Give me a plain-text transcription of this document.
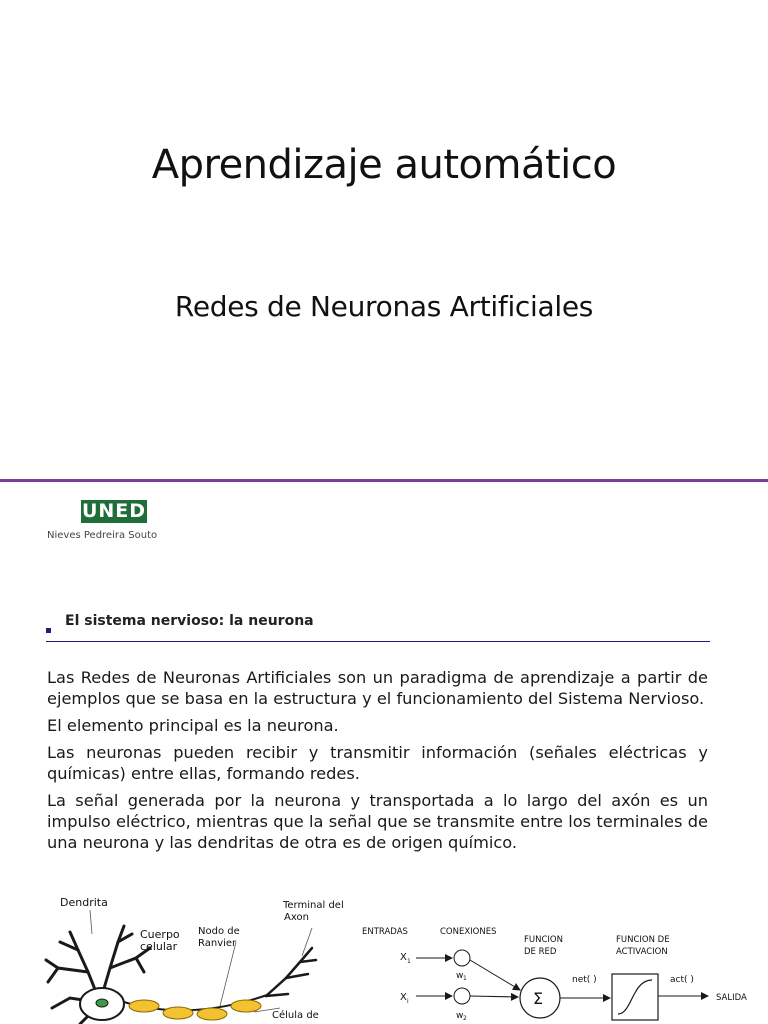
Aprendizaje automático
Redes de Neuronas Artificiales
UNED
Nieves Pedreira Souto
El sistema nervioso: la neurona

Las Redes de Neuronas Artificiales son un paradigma de aprendizaje a partir de ejemplos que se basa en la estructura y el funcionamiento del Sistema Nervioso.

El elemento principal es la neurona.

Las neuronas pueden recibir y transmitir información (señales eléctricas y químicas) entre ellas, formando redes.

La señal generada por la neurona y transportada a lo largo del axón es un impulso eléctrico, mientras que la señal que se transmite entre los terminales de una neurona y las dendritas de otra es de origen químico.

Dendrita
Cuerpo
celular
Nodo de
Ranvier
Terminal del
Axon
Célula de
ENTRADAS	CONEXIONES
FUNCION
DE RED
FUNCION DE
ACTIVACION
X 1
X i
w 1
w 2
Σ
net( )	act( )
SALIDA
